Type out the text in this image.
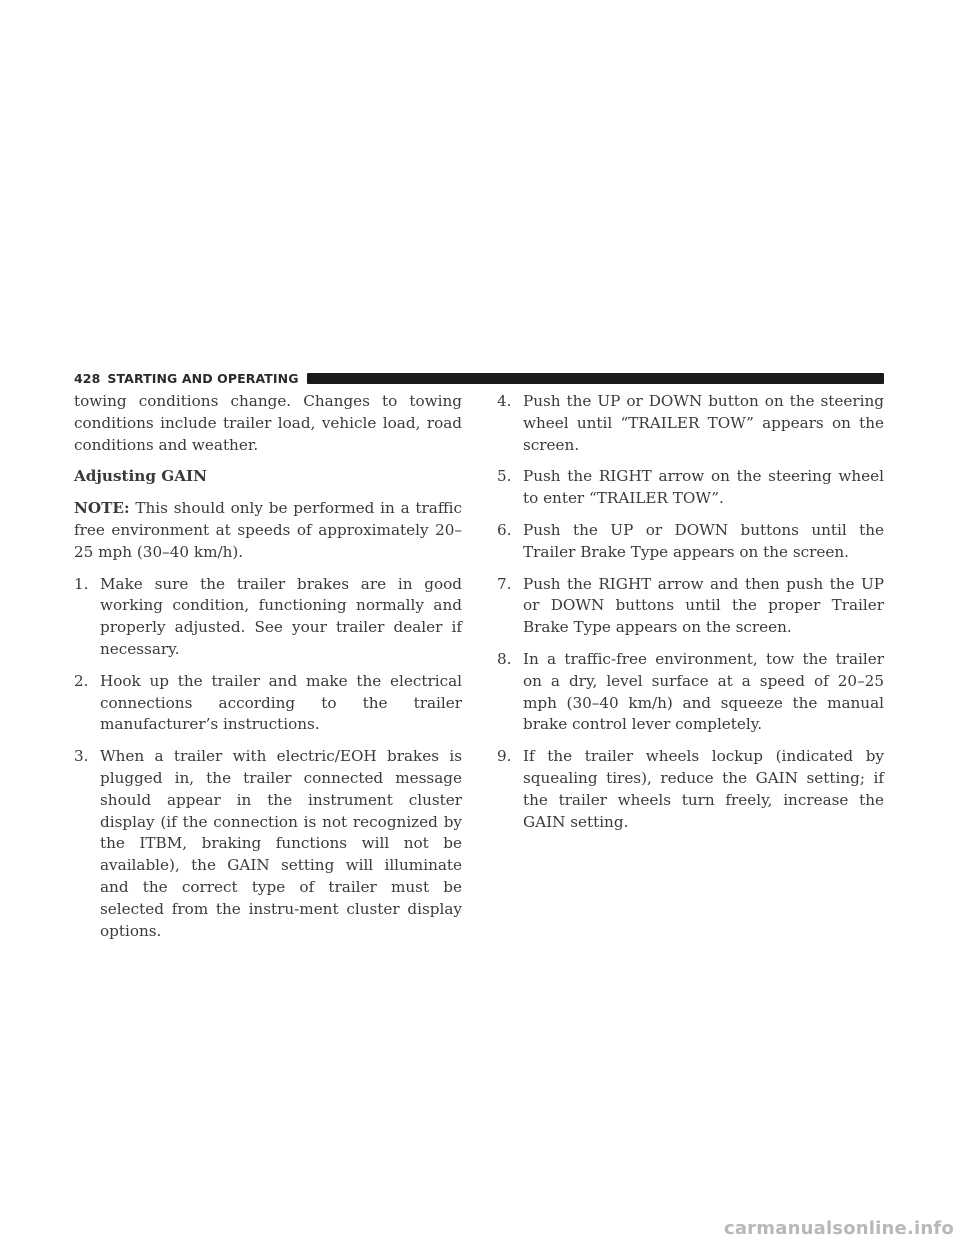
428 STARTING AND OPERATING

towing conditions change. Changes to towing conditions include trailer load, vehicle load, road conditions and weather.

Adjusting GAIN

NOTE: This should only be performed in a traffic free environment at speeds of approximately 20–25 mph (30–40 km/h).

1. Make sure the trailer brakes are in good working condition, functioning normally and properly adjusted. See your trailer dealer if necessary.
2. Hook up the trailer and make the electrical connections according to the trailer manufacturer’s instructions.
3. When a trailer with electric/EOH brakes is plugged in, the trailer connected message should appear in the instrument cluster display (if the connection is not recognized by the ITBM, braking functions will not be available), the GAIN setting will illuminate and the correct type of trailer must be selected from the instru-ment cluster display options.
4. Push the UP or DOWN button on the steering wheel until “TRAILER TOW” appears on the screen.
5. Push the RIGHT arrow on the steering wheel to enter “TRAILER TOW”.
6. Push the UP or DOWN buttons until the Trailer Brake Type appears on the screen.
7. Push the RIGHT arrow and then push the UP or DOWN buttons until the proper Trailer Brake Type appears on the screen.
8. In a traffic-free environment, tow the trailer on a dry, level surface at a speed of 20–25 mph (30–40 km/h) and squeeze the manual brake control lever completely.
9. If the trailer wheels lockup (indicated by squealing tires), reduce the GAIN setting; if the trailer wheels turn freely, increase the GAIN setting.
carmanualsonline.info
